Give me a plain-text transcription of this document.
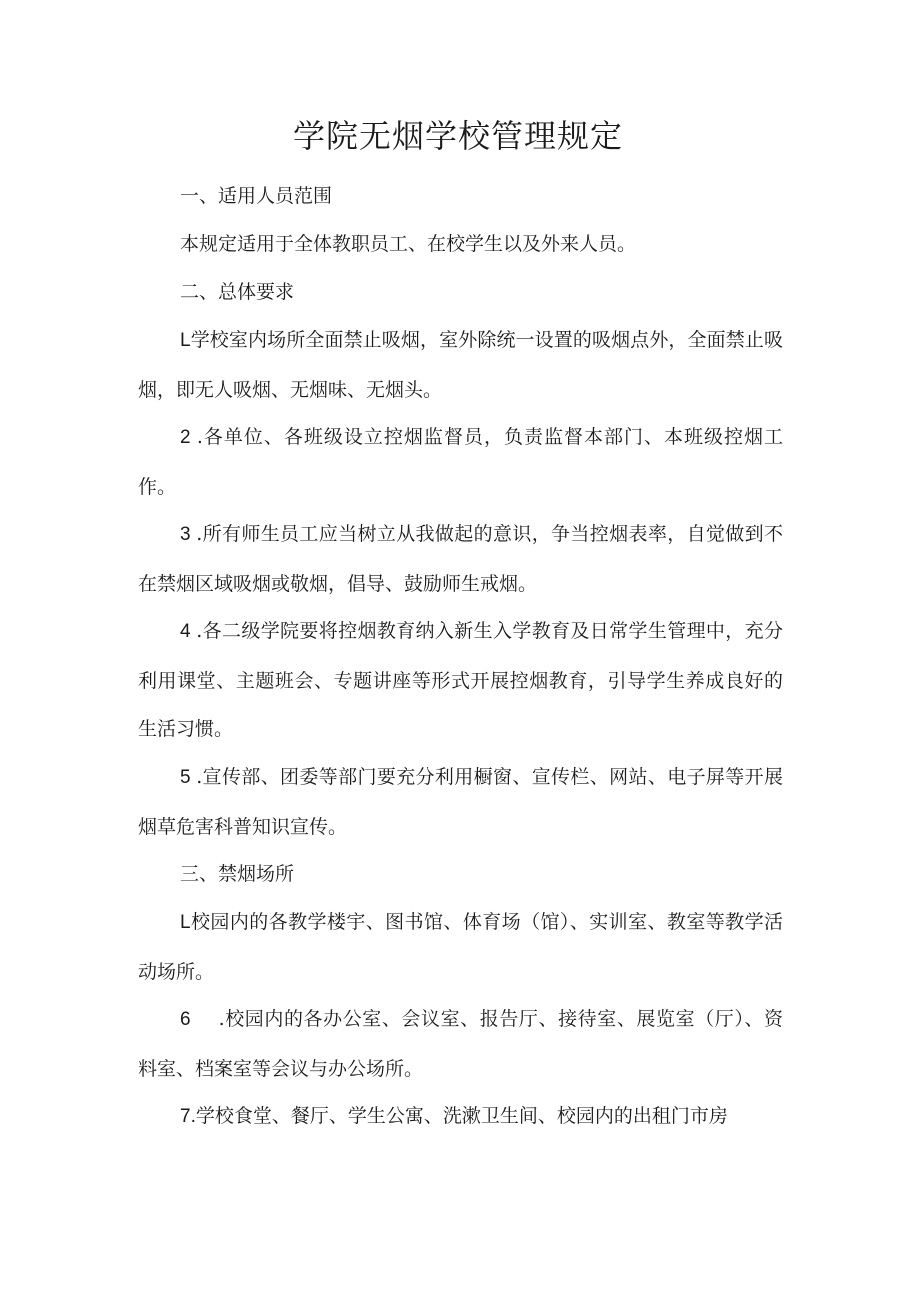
学院无烟学校管理规定

一、适用人员范围

本规定适用于全体教职员工、在校学生以及外来人员。

二、总体要求

L学校室内场所全面禁止吸烟，室外除统一设置的吸烟点外，全面禁止吸烟，即无人吸烟、无烟味、无烟头。

2 .各单位、各班级设立控烟监督员，负责监督本部门、本班级控烟工作。

3 .所有师生员工应当树立从我做起的意识，争当控烟表率，自觉做到不在禁烟区域吸烟或敬烟，倡导、鼓励师生戒烟。

4 .各二级学院要将控烟教育纳入新生入学教育及日常学生管理中，充分利用课堂、主题班会、专题讲座等形式开展控烟教育，引导学生养成良好的生活习惯。

5 .宣传部、团委等部门要充分利用橱窗、宣传栏、网站、电子屏等开展烟草危害科普知识宣传。

三、禁烟场所

L校园内的各教学楼宇、图书馆、体育场（馆）、实训室、教室等教学活动场所。

6 .校园内的各办公室、会议室、报告厅、接待室、展览室（厅）、资料室、档案室等会议与办公场所。

7.学校食堂、餐厅、学生公寓、洗漱卫生间、校园内的出租门市房
